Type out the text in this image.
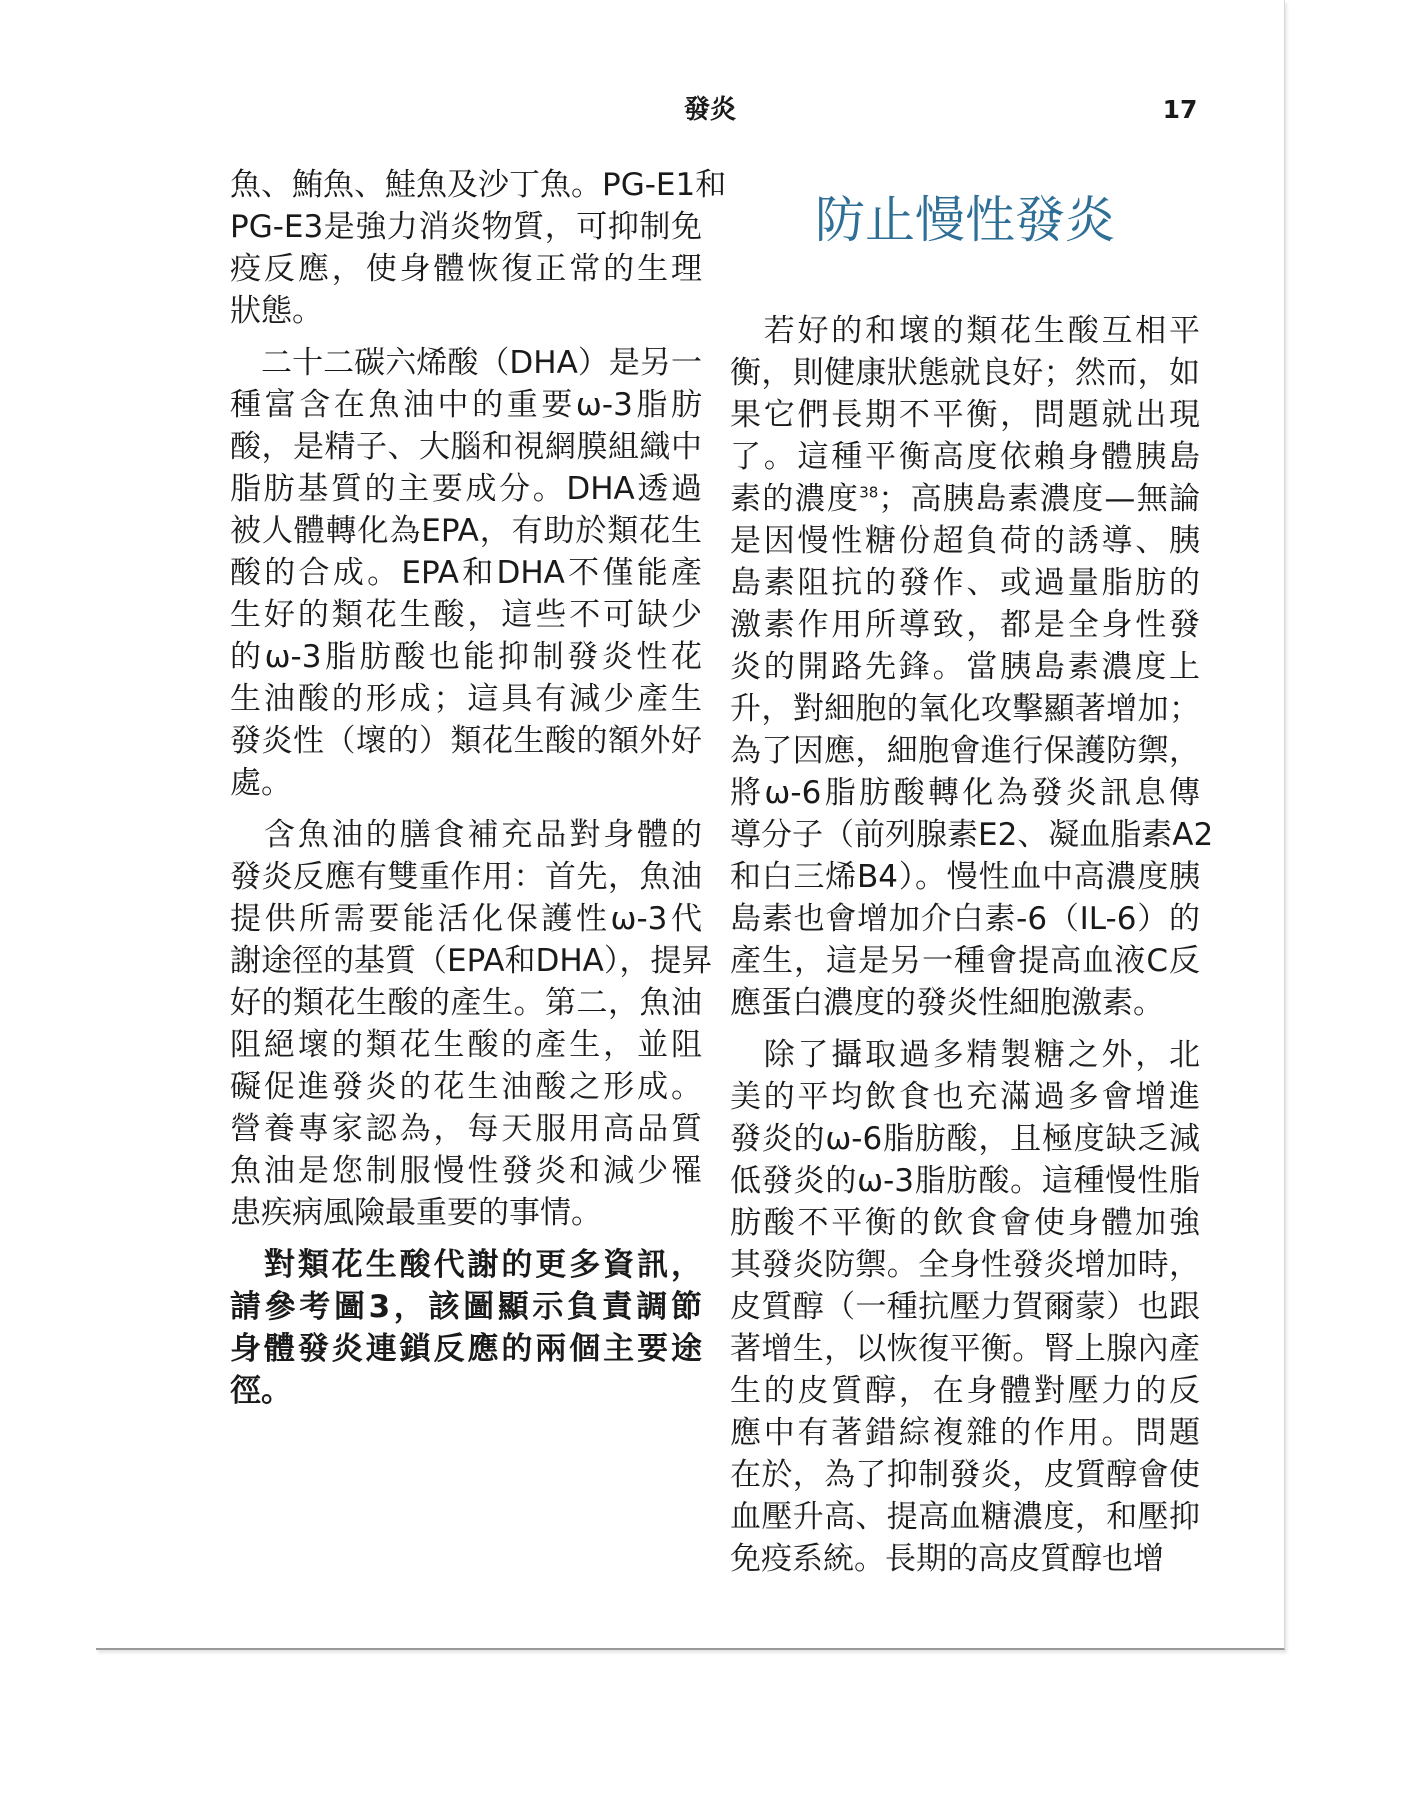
發炎	17
魚、鮪魚、鮭魚及沙丁魚。PG-E1和
PG-E3是強力消炎物質，可抑制免
疫反應，使身體恢復正常的生理
狀態。
　二十二碳六烯酸（DHA）是另一
種富含在魚油中的重要ω-3脂肪
酸，是精子、大腦和視網膜組織中
脂肪基質的主要成分。DHA透過
被人體轉化為EPA，有助於類花生
酸的合成。EPA和DHA不僅能產
生好的類花生酸，這些不可缺少
的ω-3脂肪酸也能抑制發炎性花
生油酸的形成；這具有減少產生
發炎性（壞的）類花生酸的額外好
處。
　含魚油的膳食補充品對身體的
發炎反應有雙重作用：首先，魚油
提供所需要能活化保護性ω-3代
謝途徑的基質（EPA和DHA），提昇
好的類花生酸的產生。第二，魚油
阻絕壞的類花生酸的產生，並阻
礙促進發炎的花生油酸之形成。
營養專家認為，每天服用高品質
魚油是您制服慢性發炎和減少罹
患疾病風險最重要的事情。
　對類花生酸代謝的更多資訊，
請參考圖3，該圖顯示負責調節
身體發炎連鎖反應的兩個主要途
徑。
防止慢性發炎
　若好的和壞的類花生酸互相平
衡，則健康狀態就良好；然而，如
果它們長期不平衡，問題就出現
了。這種平衡高度依賴身體胰島
素的濃度$^{38}$；高胰島素濃度—無論
是因慢性糖份超負荷的誘導、胰
島素阻抗的發作、或過量脂肪的
激素作用所導致，都是全身性發
炎的開路先鋒。當胰島素濃度上
升，對細胞的氧化攻擊顯著增加；
為了因應，細胞會進行保護防禦，
將ω-6脂肪酸轉化為發炎訊息傳
導分子（前列腺素E2、凝血脂素A2
和白三烯B4）。慢性血中高濃度胰
島素也會增加介白素-6（IL-6）的
產生，這是另一種會提高血液C反
應蛋白濃度的發炎性細胞激素。
　除了攝取過多精製糖之外，北
美的平均飲食也充滿過多會增進
發炎的ω-6脂肪酸，且極度缺乏減
低發炎的ω-3脂肪酸。這種慢性脂
肪酸不平衡的飲食會使身體加強
其發炎防禦。全身性發炎增加時，
皮質醇（一種抗壓力賀爾蒙）也跟
著增生，以恢復平衡。腎上腺內產
生的皮質醇，在身體對壓力的反
應中有著錯綜複雜的作用。問題
在於，為了抑制發炎，皮質醇會使
血壓升高、提高血糖濃度，和壓抑
免疫系統。長期的高皮質醇也增
